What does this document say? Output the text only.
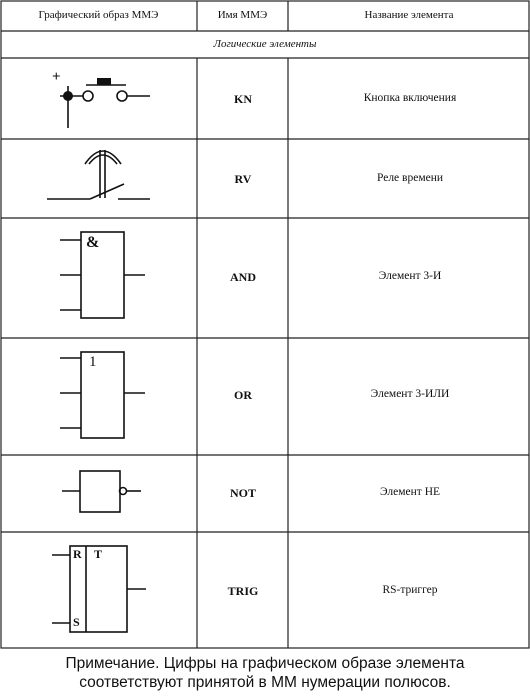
Графический образ ММЭ	Имя ММЭ	Название элемента
Логические элементы
+
KN	Кнопка включения
RV	Реле времени
&
AND	Элемент 3-И
1
OR	Элемент 3-ИЛИ
NOT	Элемент НЕ
R T
S
TRIG	RS-триггер
Примечание. Цифры на графическом образе элемента
соответствуют принятой в ММ нумерации полюсов.
